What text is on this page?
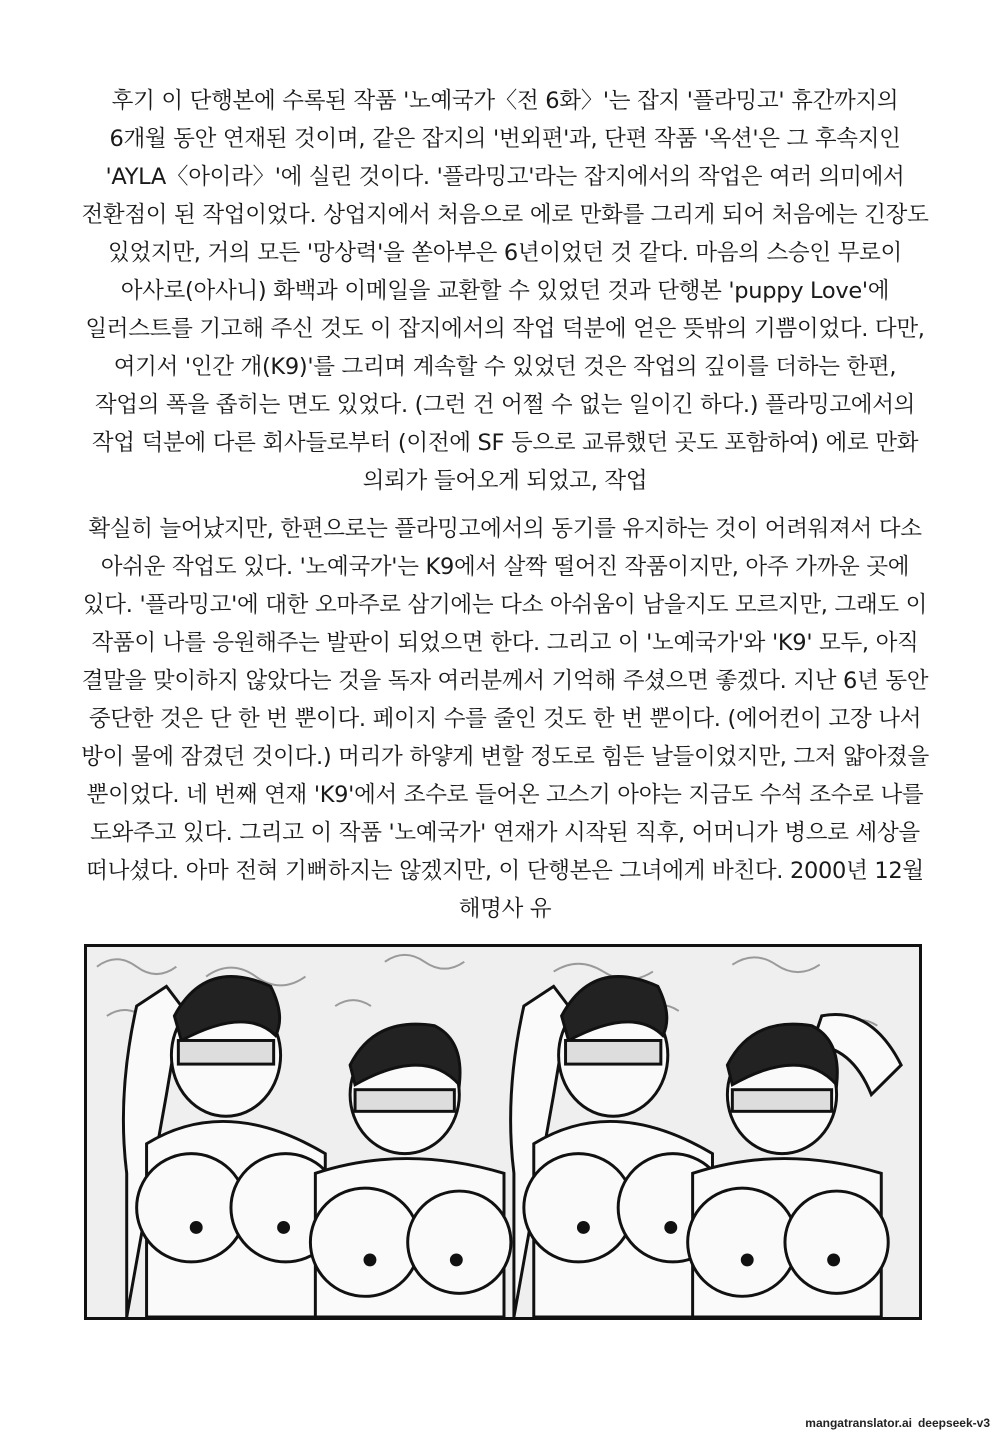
후기 이 단행본에 수록된 작품 '노예국가〈전 6화〉'는 잡지 '플라밍고' 휴간까지의 6개월 동안 연재된 것이며, 같은 잡지의 '번외편'과, 단편 작품 '옥션'은 그 후속지인 'AYLA〈아이라〉'에 실린 것이다. '플라밍고'라는 잡지에서의 작업은 여러 의미에서 전환점이 된 작업이었다. 상업지에서 처음으로 에로 만화를 그리게 되어 처음에는 긴장도 있었지만, 거의 모든 '망상력'을 쏟아부은 6년이었던 것 같다. 마음의 스승인 무로이 아사로(아사니) 화백과 이메일을 교환할 수 있었던 것과 단행본 'puppy Love'에 일러스트를 기고해 주신 것도 이 잡지에서의 작업 덕분에 얻은 뜻밖의 기쁨이었다. 다만, 여기서 '인간 개(K9)'를 그리며 계속할 수 있었던 것은 작업의 깊이를 더하는 한편, 작업의 폭을 좁히는 면도 있었다. (그런 건 어쩔 수 없는 일이긴 하다.) 플라밍고에서의 작업 덕분에 다른 회사들로부터 (이전에 SF 등으로 교류했던 곳도 포함하여) 에로 만화 의뢰가 들어오게 되었고, 작업

확실히 늘어났지만, 한편으로는 플라밍고에서의 동기를 유지하는 것이 어려워져서 다소 아쉬운 작업도 있다. '노예국가'는 K9에서 살짝 떨어진 작품이지만, 아주 가까운 곳에 있다. '플라밍고'에 대한 오마주로 삼기에는 다소 아쉬움이 남을지도 모르지만, 그래도 이 작품이 나를 응원해주는 발판이 되었으면 한다. 그리고 이 '노예국가'와 'K9' 모두, 아직 결말을 맞이하지 않았다는 것을 독자 여러분께서 기억해 주셨으면 좋겠다. 지난 6년 동안 중단한 것은 단 한 번 뿐이다. 페이지 수를 줄인 것도 한 번 뿐이다. (에어컨이 고장 나서 방이 물에 잠겼던 것이다.) 머리가 하얗게 변할 정도로 힘든 날들이었지만, 그저 얇아졌을 뿐이었다. 네 번째 연재 'K9'에서 조수로 들어온 고스기 아야는 지금도 수석 조수로 나를 도와주고 있다. 그리고 이 작품 '노예국가' 연재가 시작된 직후, 어머니가 병으로 세상을 떠나셨다. 아마 전혀 기뻐하지는 않겠지만, 이 단행본은 그녀에게 바친다. 2000년 12월 해명사 유

mangatranslator.ai deepseek-v3
